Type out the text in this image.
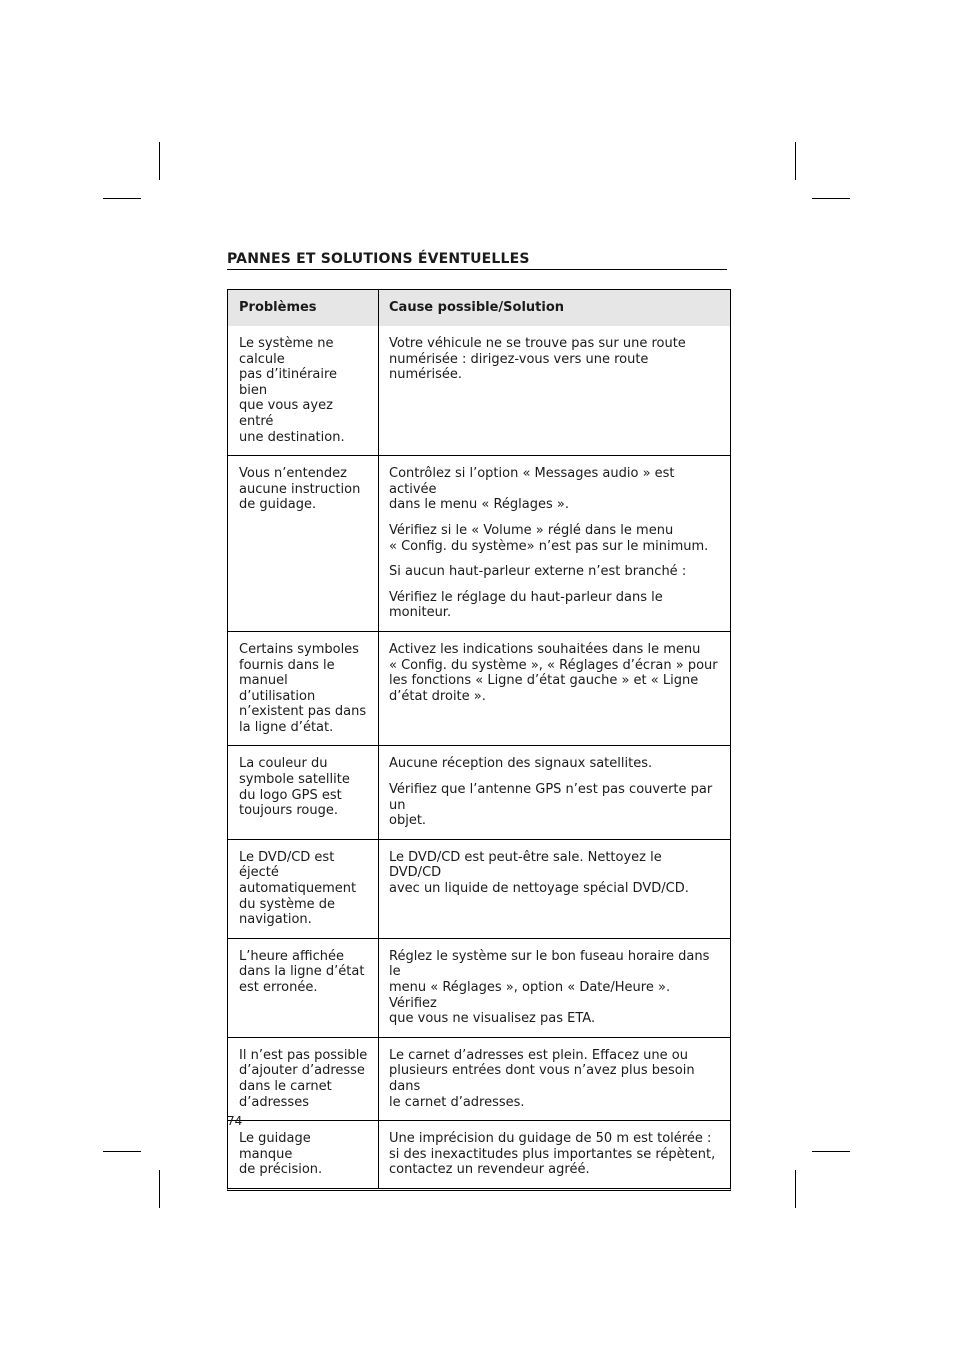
PANNES ET SOLUTIONS ÉVENTUELLES
Problèmes	Cause possible/Solution
Le système ne calcule
pas d’itinéraire bien
que vous ayez entré
une destination.
Votre véhicule ne se trouve pas sur une route
numérisée : dirigez-vous vers une route numérisée.
Vous n’entendez
aucune instruction
de guidage.
Contrôlez si l’option « Messages audio » est activée
dans le menu « Réglages ».
Vérifiez si le « Volume » réglé dans le menu
« Config. du système» n’est pas sur le minimum.
Si aucun haut-parleur externe n’est branché :
Vérifiez le réglage du haut-parleur dans le moniteur.
Certains symboles
fournis dans le
manuel d’utilisation
n’existent pas dans
la ligne d’état.
Activez les indications souhaitées dans le menu
« Config. du système », « Réglages d’écran » pour
les fonctions « Ligne d’état gauche » et « Ligne
d’état droite ».
La couleur du
symbole satellite
du logo GPS est
toujours rouge.
Aucune réception des signaux satellites.
Vérifiez que l’antenne GPS n’est pas couverte par un
objet.
Le DVD/CD est
éjecté
automatiquement
du système de
navigation.
Le DVD/CD est peut-être sale. Nettoyez le DVD/CD
avec un liquide de nettoyage spécial DVD/CD.
L’heure affichée
dans la ligne d’état
est erronée.
Réglez le système sur le bon fuseau horaire dans le
menu « Réglages », option « Date/Heure ». Vérifiez
que vous ne visualisez pas ETA.
Il n’est pas possible
d’ajouter d’adresse
dans le carnet
d’adresses
Le carnet d’adresses est plein. Effacez une ou
plusieurs entrées dont vous n’avez plus besoin dans
le carnet d’adresses.
Le guidage manque
de précision.
Une imprécision du guidage de 50 m est tolérée :
si des inexactitudes plus importantes se répètent,
contactez un revendeur agréé.
74
